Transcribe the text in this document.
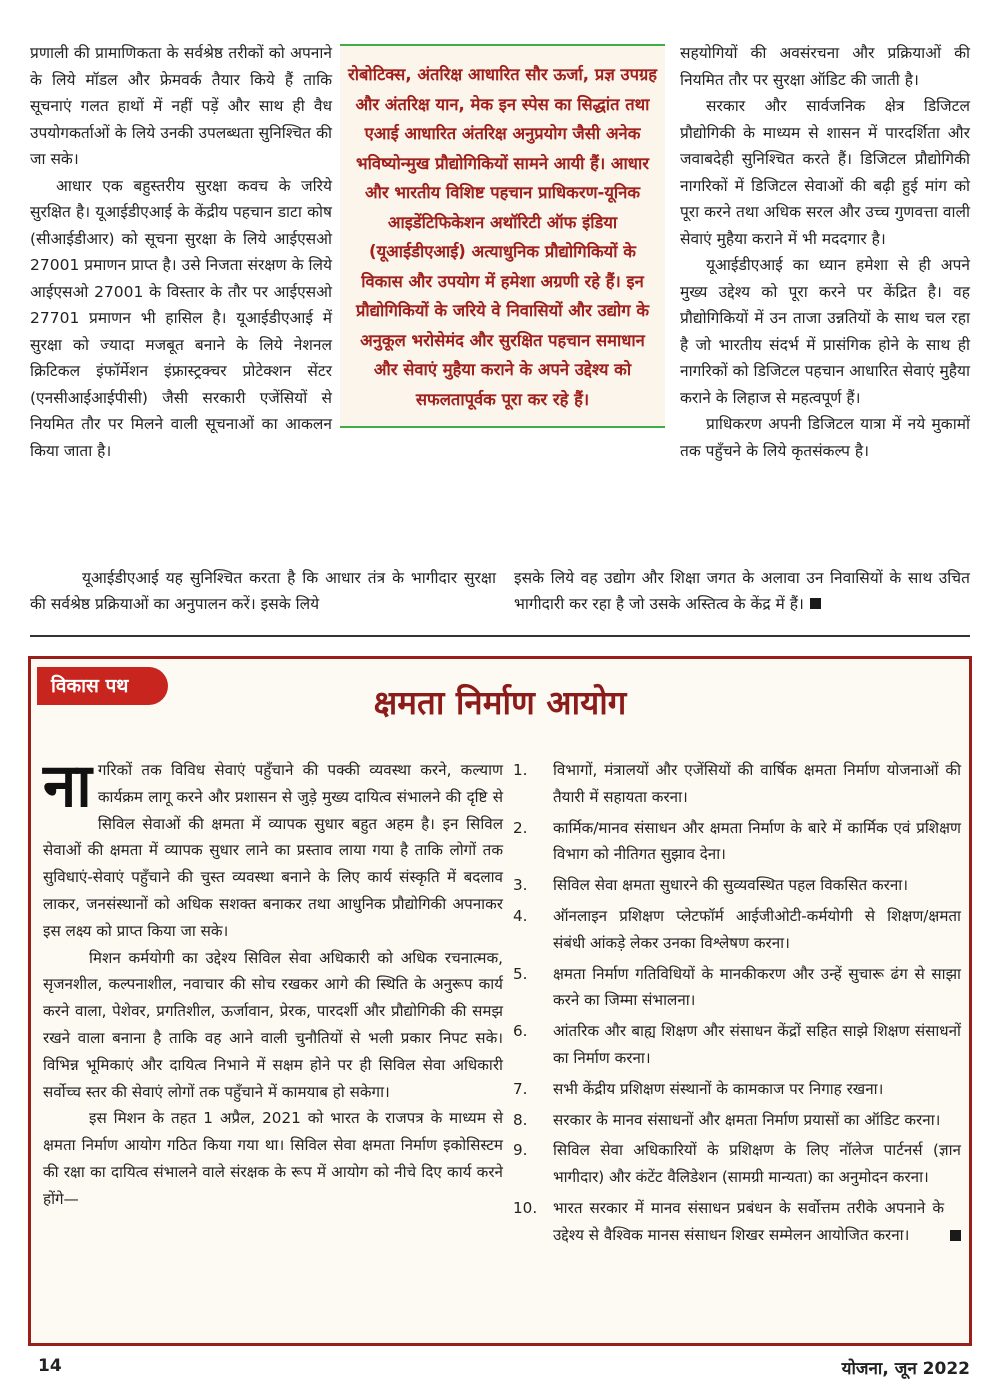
प्रणाली की प्रामाणिकता के सर्वश्रेष्ठ तरीकों को अपनाने के लिये मॉडल और फ्रेमवर्क तैयार किये हैं ताकि सूचनाएं गलत हाथों में नहीं पड़ें और साथ ही वैध उपयोगकर्ताओं के लिये उनकी उपलब्धता सुनिश्चित की जा सके।

आधार एक बहुस्तरीय सुरक्षा कवच के जरिये सुरक्षित है। यूआईडीएआई के केंद्रीय पहचान डाटा कोष (सीआईडीआर) को सूचना सुरक्षा के लिये आईएसओ 27001 प्रमाणन प्राप्त है। उसे निजता संरक्षण के लिये आईएसओ 27001 के विस्तार के तौर पर आईएसओ 27701 प्रमाणन भी हासिल है। यूआईडीएआई में सुरक्षा को ज्यादा मजबूत बनाने के लिये नेशनल क्रिटिकल इंफॉर्मेशन इंफ्रास्ट्रक्चर प्रोटेक्शन सेंटर (एनसीआईआईपीसी) जैसी सरकारी एजेंसियों से नियमित तौर पर मिलने वाली सूचनाओं का आकलन किया जाता है।

रोबोटिक्स, अंतरिक्ष आधारित सौर ऊर्जा, प्रज्ञ उपग्रह और अंतरिक्ष यान, मेक इन स्पेस का सिद्धांत तथा एआई आधारित अंतरिक्ष अनुप्रयोग जैसी अनेक भविष्योन्मुख प्रौद्योगिकियों सामने आयी हैं। आधार और भारतीय विशिष्ट पहचान प्राधिकरण-यूनिक आइडेंटिफिकेशन अथॉरिटी ऑफ इंडिया (यूआईडीएआई) अत्याधुनिक प्रौद्योगिकियों के विकास और उपयोग में हमेशा अग्रणी रहे हैं। इन प्रौद्योगिकियों के जरिये वे निवासियों और उद्योग के अनुकूल भरोसेमंद और सुरक्षित पहचान समाधान और सेवाएं मुहैया कराने के अपने उद्देश्य को सफलतापूर्वक पूरा कर रहे हैं।

सहयोगियों की अवसंरचना और प्रक्रियाओं की नियमित तौर पर सुरक्षा ऑडिट की जाती है।

सरकार और सार्वजनिक क्षेत्र डिजिटल प्रौद्योगिकी के माध्यम से शासन में पारदर्शिता और जवाबदेही सुनिश्चित करते हैं। डिजिटल प्रौद्योगिकी नागरिकों में डिजिटल सेवाओं की बढ़ी हुई मांग को पूरा करने तथा अधिक सरल और उच्च गुणवत्ता वाली सेवाएं मुहैया कराने में भी मददगार है।

यूआईडीएआई का ध्यान हमेशा से ही अपने मुख्य उद्देश्य को पूरा करने पर केंद्रित है। वह प्रौद्योगिकियों में उन ताजा उन्नतियों के साथ चल रहा है जो भारतीय संदर्भ में प्रासंगिक होने के साथ ही नागरिकों को डिजिटल पहचान आधारित सेवाएं मुहैया कराने के लिहाज से महत्वपूर्ण हैं।

प्राधिकरण अपनी डिजिटल यात्रा में नये मुकामों तक पहुँचने के लिये कृतसंकल्प है।

यूआईडीएआई यह सुनिश्चित करता है कि आधार तंत्र के भागीदार सुरक्षा की सर्वश्रेष्ठ प्रक्रियाओं का अनुपालन करें। इसके लिये

इसके लिये वह उद्योग और शिक्षा जगत के अलावा उन निवासियों के साथ उचित भागीदारी कर रहा है जो उसके अस्तित्व के केंद्र में हैं।
विकास पथ	क्षमता निर्माण आयोग

नागरिकों तक विविध सेवाएं पहुँचाने की पक्की व्यवस्था करने, कल्याण कार्यक्रम लागू करने और प्रशासन से जुड़े मुख्य दायित्व संभालने की दृष्टि से सिविल सेवाओं की क्षमता में व्यापक सुधार बहुत अहम है। इन सिविल सेवाओं की क्षमता में व्यापक सुधार लाने का प्रस्ताव लाया गया है ताकि लोगों तक सुविधाएं-सेवाएं पहुँचाने की चुस्त व्यवस्था बनाने के लिए कार्य संस्कृति में बदलाव लाकर, जनसंस्थानों को अधिक सशक्त बनाकर तथा आधुनिक प्रौद्योगिकी अपनाकर इस लक्ष्य को प्राप्त किया जा सके।

मिशन कर्मयोगी का उद्देश्य सिविल सेवा अधिकारी को अधिक रचनात्मक, सृजनशील, कल्पनाशील, नवाचार की सोच रखकर आगे की स्थिति के अनुरूप कार्य करने वाला, पेशेवर, प्रगतिशील, ऊर्जावान, प्रेरक, पारदर्शी और प्रौद्योगिकी की समझ रखने वाला बनाना है ताकि वह आने वाली चुनौतियों से भली प्रकार निपट सके। विभिन्न भूमिकाएं और दायित्व निभाने में सक्षम होने पर ही सिविल सेवा अधिकारी सर्वोच्च स्तर की सेवाएं लोगों तक पहुँचाने में कामयाब हो सकेगा।

इस मिशन के तहत 1 अप्रैल, 2021 को भारत के राजपत्र के माध्यम से क्षमता निर्माण आयोग गठित किया गया था। सिविल सेवा क्षमता निर्माण इकोसिस्टम की रक्षा का दायित्व संभालने वाले संरक्षक के रूप में आयोग को नीचे दिए कार्य करने होंगे—

1.	विभागों, मंत्रालयों और एजेंसियों की वार्षिक क्षमता निर्माण योजनाओं की तैयारी में सहायता करना।
2.	कार्मिक/मानव संसाधन और क्षमता निर्माण के बारे में कार्मिक एवं प्रशिक्षण विभाग को नीतिगत सुझाव देना।
3.	सिविल सेवा क्षमता सुधारने की सुव्यवस्थित पहल विकसित करना।
4.	ऑनलाइन प्रशिक्षण प्लेटफॉर्म आईजीओटी-कर्मयोगी से शिक्षण/क्षमता संबंधी आंकड़े लेकर उनका विश्लेषण करना।
5.	क्षमता निर्माण गतिविधियों के मानकीकरण और उन्हें सुचारू ढंग से साझा करने का जिम्मा संभालना।
6.	आंतरिक और बाह्य शिक्षण और संसाधन केंद्रों सहित साझे शिक्षण संसाधनों का निर्माण करना।
7.	सभी केंद्रीय प्रशिक्षण संस्थानों के कामकाज पर निगाह रखना।
8.	सरकार के मानव संसाधनों और क्षमता निर्माण प्रयासों का ऑडिट करना।
9.	सिविल सेवा अधिकारियों के प्रशिक्षण के लिए नॉलेज पार्टनर्स (ज्ञान भागीदार) और कंटेंट वैलिडेशन (सामग्री मान्यता) का अनुमोदन करना।
10.	भारत सरकार में मानव संसाधन प्रबंधन के सर्वोत्तम तरीके अपनाने के उद्देश्य से वैश्विक मानस संसाधन शिखर सम्मेलन आयोजित करना।
14	योजना, जून 2022
